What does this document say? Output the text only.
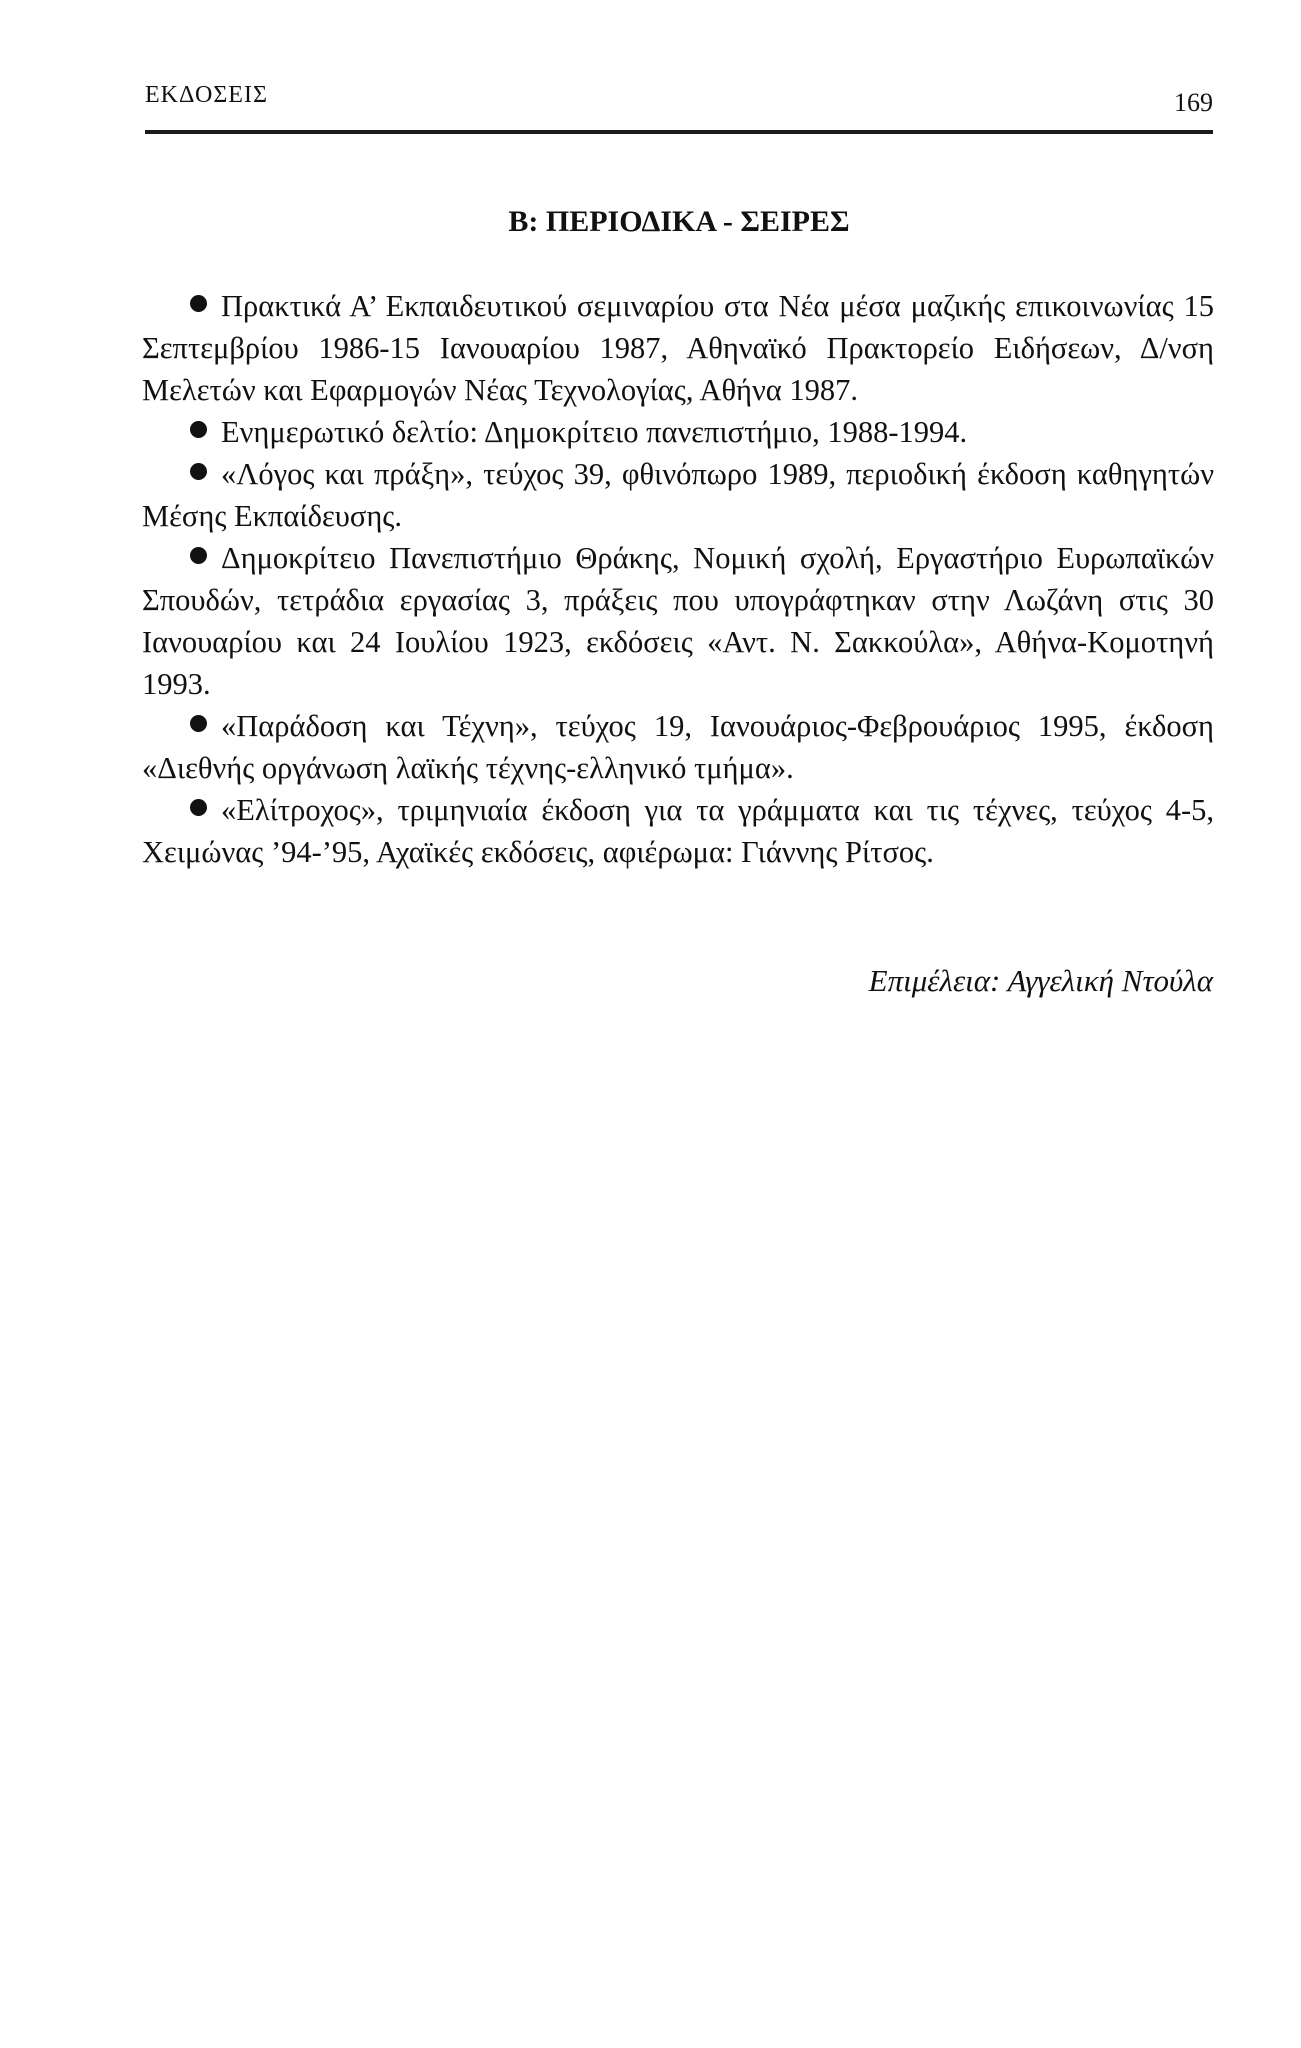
ΕΚΔΟΣΕΙΣ	169
Β: ΠΕΡΙΟΔΙΚΑ - ΣΕΙΡΕΣ
Πρακτικά Α’ Εκπαιδευτικού σεμιναρίου στα Νέα μέσα μαζικής επικοινωνίας 15 Σεπτεμβρίου 1986-15 Ιανουαρίου 1987, Αθηναϊκό Πρακτορείο Ειδήσεων, Δ/νση Μελετών και Εφαρμογών Νέας Τεχνολογίας, Αθήνα 1987.
Ενημερωτικό δελτίο: Δημοκρίτειο πανεπιστήμιο, 1988-1994.
«Λόγος και πράξη», τεύχος 39, φθινόπωρο 1989, περιοδική έκδοση καθηγητών Μέσης Εκπαίδευσης.
Δημοκρίτειο Πανεπιστήμιο Θράκης, Νομική σχολή, Εργαστήριο Ευρωπαϊκών Σπουδών, τετράδια εργασίας 3, πράξεις που υπογράφτηκαν στην Λωζάνη στις 30 Ιανουαρίου και 24 Ιουλίου 1923, εκδόσεις «Αντ. Ν. Σακκούλα», Αθήνα-Κομοτηνή 1993.
«Παράδοση και Τέχνη», τεύχος 19, Ιανουάριος-Φεβρουάριος 1995, έκδοση «Διεθνής οργάνωση λαϊκής τέχνης-ελληνικό τμήμα».
«Ελίτροχος», τριμηνιαία έκδοση για τα γράμματα και τις τέχνες, τεύχος 4-5, Χειμώνας ’94-’95, Αχαϊκές εκδόσεις, αφιέρωμα: Γιάννης Ρίτσος.
Επιμέλεια: Αγγελική Ντούλα
